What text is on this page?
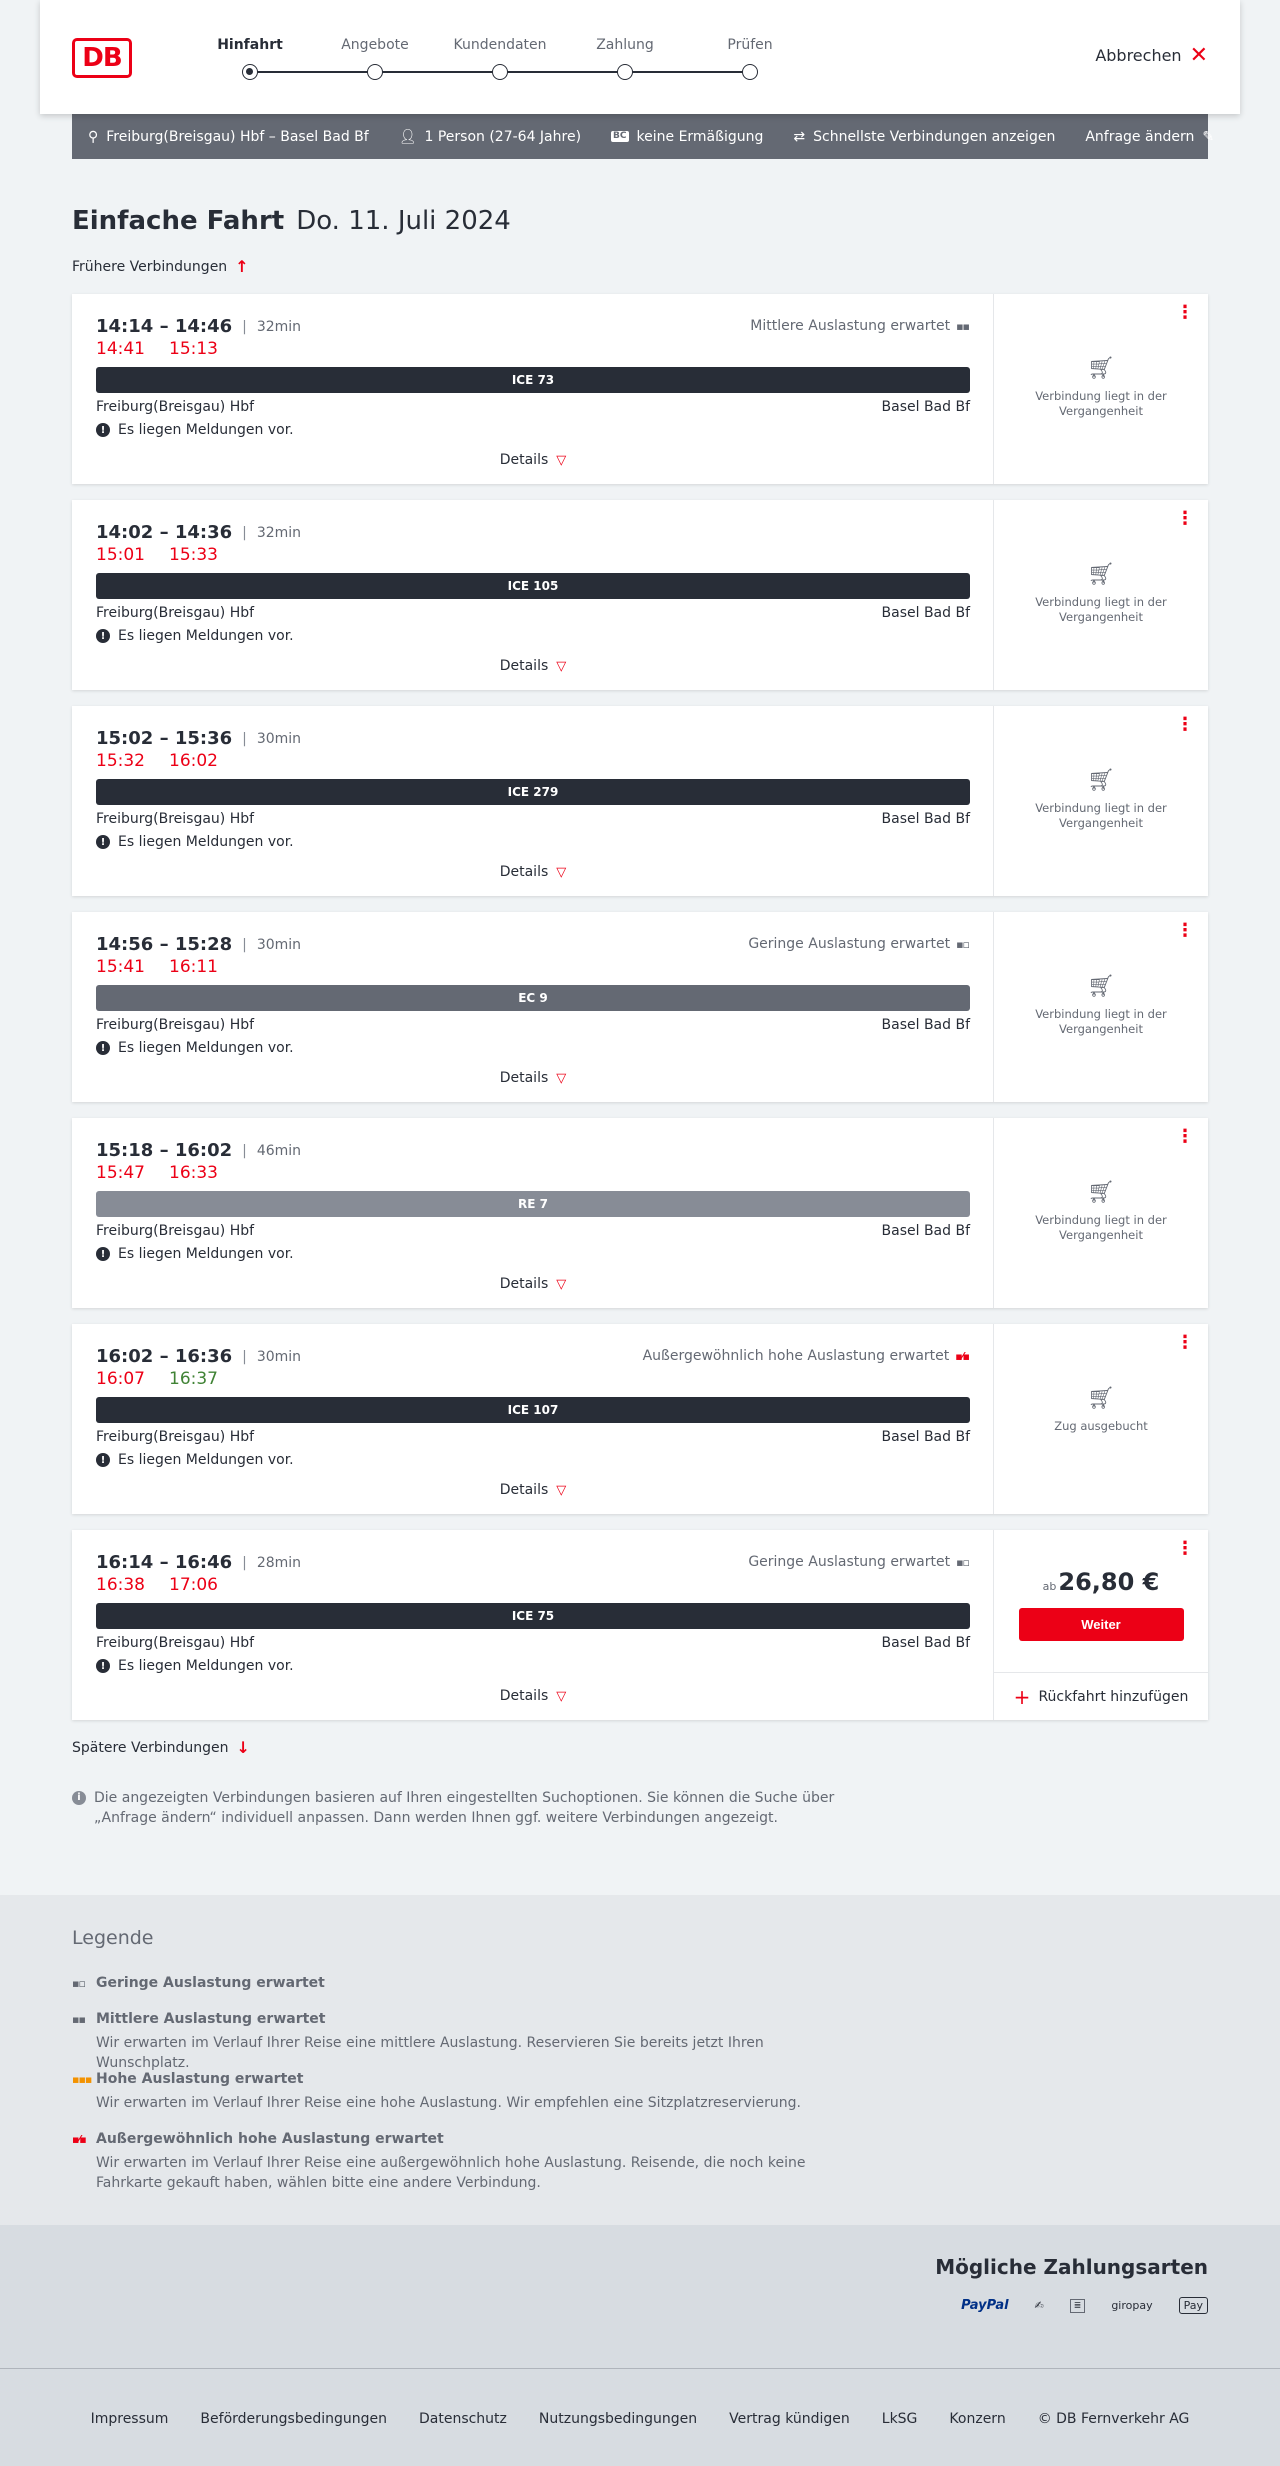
DB	Hinfahrt	Angebote	Kundendaten	Zahlung	Prüfen
Abbrechen ✕
⚲ Freiburg(Breisgau) Hbf – Basel Bad Bf 👤︎ 1 Person (27-64 Jahre)	BC keine Ermäßigung ⇄ Schnellste Verbindungen anzeigen Anfrage ändern ✎
Einfache Fahrt Do. 11. Juli 2024
Frühere Verbindungen ↑
14:14 – 14:46 | 32min	Mittlere Auslastung erwartet ▪▪
14:41 15:13
ICE 73
Freiburg(Breisgau) Hbf	Basel Bad Bf
! Es liegen Meldungen vor.
Details ▽
⋮
🛒︎
Verbindung liegt in der Vergangenheit
14:02 – 14:36 | 32min
15:01 15:33
ICE 105
Freiburg(Breisgau) Hbf	Basel Bad Bf
! Es liegen Meldungen vor.
Details ▽
⋮
🛒︎
Verbindung liegt in der Vergangenheit
15:02 – 15:36 | 30min
15:32 16:02
ICE 279
Freiburg(Breisgau) Hbf	Basel Bad Bf
! Es liegen Meldungen vor.
Details ▽
⋮
🛒︎
Verbindung liegt in der Vergangenheit
14:56 – 15:28 | 30min	Geringe Auslastung erwartet ▪▫
15:41 16:11
EC 9
Freiburg(Breisgau) Hbf	Basel Bad Bf
! Es liegen Meldungen vor.
Details ▽
⋮
🛒︎
Verbindung liegt in der Vergangenheit
15:18 – 16:02 | 46min
15:47 16:33
RE 7
Freiburg(Breisgau) Hbf	Basel Bad Bf
! Es liegen Meldungen vor.
Details ▽
⋮
🛒︎
Verbindung liegt in der Vergangenheit
16:02 – 16:36 | 30min	Außergewöhnlich hohe Auslastung erwartet ▪⁄▪
16:07 16:37
ICE 107
Freiburg(Breisgau) Hbf	Basel Bad Bf
! Es liegen Meldungen vor.
Details ▽
⋮
🛒︎
Zug ausgebucht
16:14 – 16:46 | 28min	Geringe Auslastung erwartet ▪▫
16:38 17:06
ICE 75
Freiburg(Breisgau) Hbf	Basel Bad Bf
! Es liegen Meldungen vor.
Details ▽
⋮
ab26,80 €
Weiter
+ Rückfahrt hinzufügen
Spätere Verbindungen ↓
i Die angezeigten Verbindungen basieren auf Ihren eingestellten Suchoptionen. Sie können die Suche über „Anfrage ändern“ individuell anpassen. Dann werden Ihnen ggf. weitere Verbindungen angezeigt.
Legende
▪▫ Geringe Auslastung erwartet
▪▪ Mittlere Auslastung erwartet
Wir erwarten im Verlauf Ihrer Reise eine mittlere Auslastung. Reservieren Sie bereits jetzt Ihren Wunschplatz.
▪▪▪ Hohe Auslastung erwartet
Wir erwarten im Verlauf Ihrer Reise eine hohe Auslastung. Wir empfehlen eine Sitzplatzreservierung.
▪⁄▪ Außergewöhnlich hohe Auslastung erwartet
Wir erwarten im Verlauf Ihrer Reise eine außergewöhnlich hohe Auslastung. Reisende, die noch keine Fahrkarte gekauft haben, wählen bitte eine andere Verbindung.
Mögliche Zahlungsarten
PayPal ✍	≣	giropay	Pay
Impressum Beförderungsbedingungen Datenschutz Nutzungsbedingungen Vertrag kündigen LkSG Konzern © DB Fernverkehr AG
